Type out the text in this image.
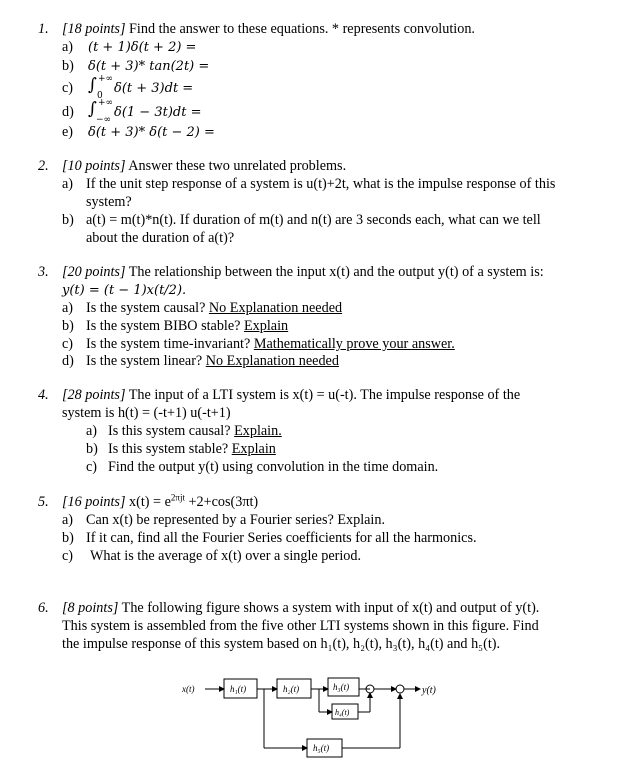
1. [18 points] Find the answer to these equations. * represents convolution.
a) (t + 1)δ(t + 2) =
b) δ(t + 3)* tan(2t) =
c) ∫ +∞
0 δ(t + 3)dt =
d) ∫ +∞
−∞ δ(1 − 3t)dt =
e) δ(t + 3)* δ(t − 2) =
2. [10 points] Answer these two unrelated problems.
a) If the unit step response of a system is u(t)+2t, what is the impulse response of this
system?
b) a(t) = m(t)*n(t). If duration of m(t) and n(t) are 3 seconds each, what can we tell
about the duration of a(t)?
3. [20 points] The relationship between the input x(t) and the output y(t) of a system is:
y(t) = (t − 1)x(t/2).
a) Is the system causal? No Explanation needed
b) Is the system BIBO stable? Explain
c) Is the system time-invariant? Mathematically prove your answer.
d) Is the system linear? No Explanation needed
4. [28 points] The input of a LTI system is x(t) = u(-t). The impulse response of the
system is h(t) = (-t+1) u(-t+1)
a) Is this system causal? Explain.
b) Is this system stable? Explain
c) Find the output y(t) using convolution in the time domain.
5. [16 points] $x(t) = e^{2\pi jt} +2+\cos(3\pi t)$
a) Can x(t) be represented by a Fourier series? Explain.
b) If it can, find all the Fourier Series coefficients for all the harmonics.
c) What is the average of x(t) over a single period.
6. [8 points] The following figure shows a system with input of x(t) and output of y(t).
This system is assembled from the five other LTI systems shown in this figure. Find
the impulse response of this system based on h₁(t), h₂(t), h₃(t), h₄(t) and h₅(t).
x(t)	h₁(t)	h₂(t)	h₃(t)
h₄(t)
h₅(t)
y(t)
